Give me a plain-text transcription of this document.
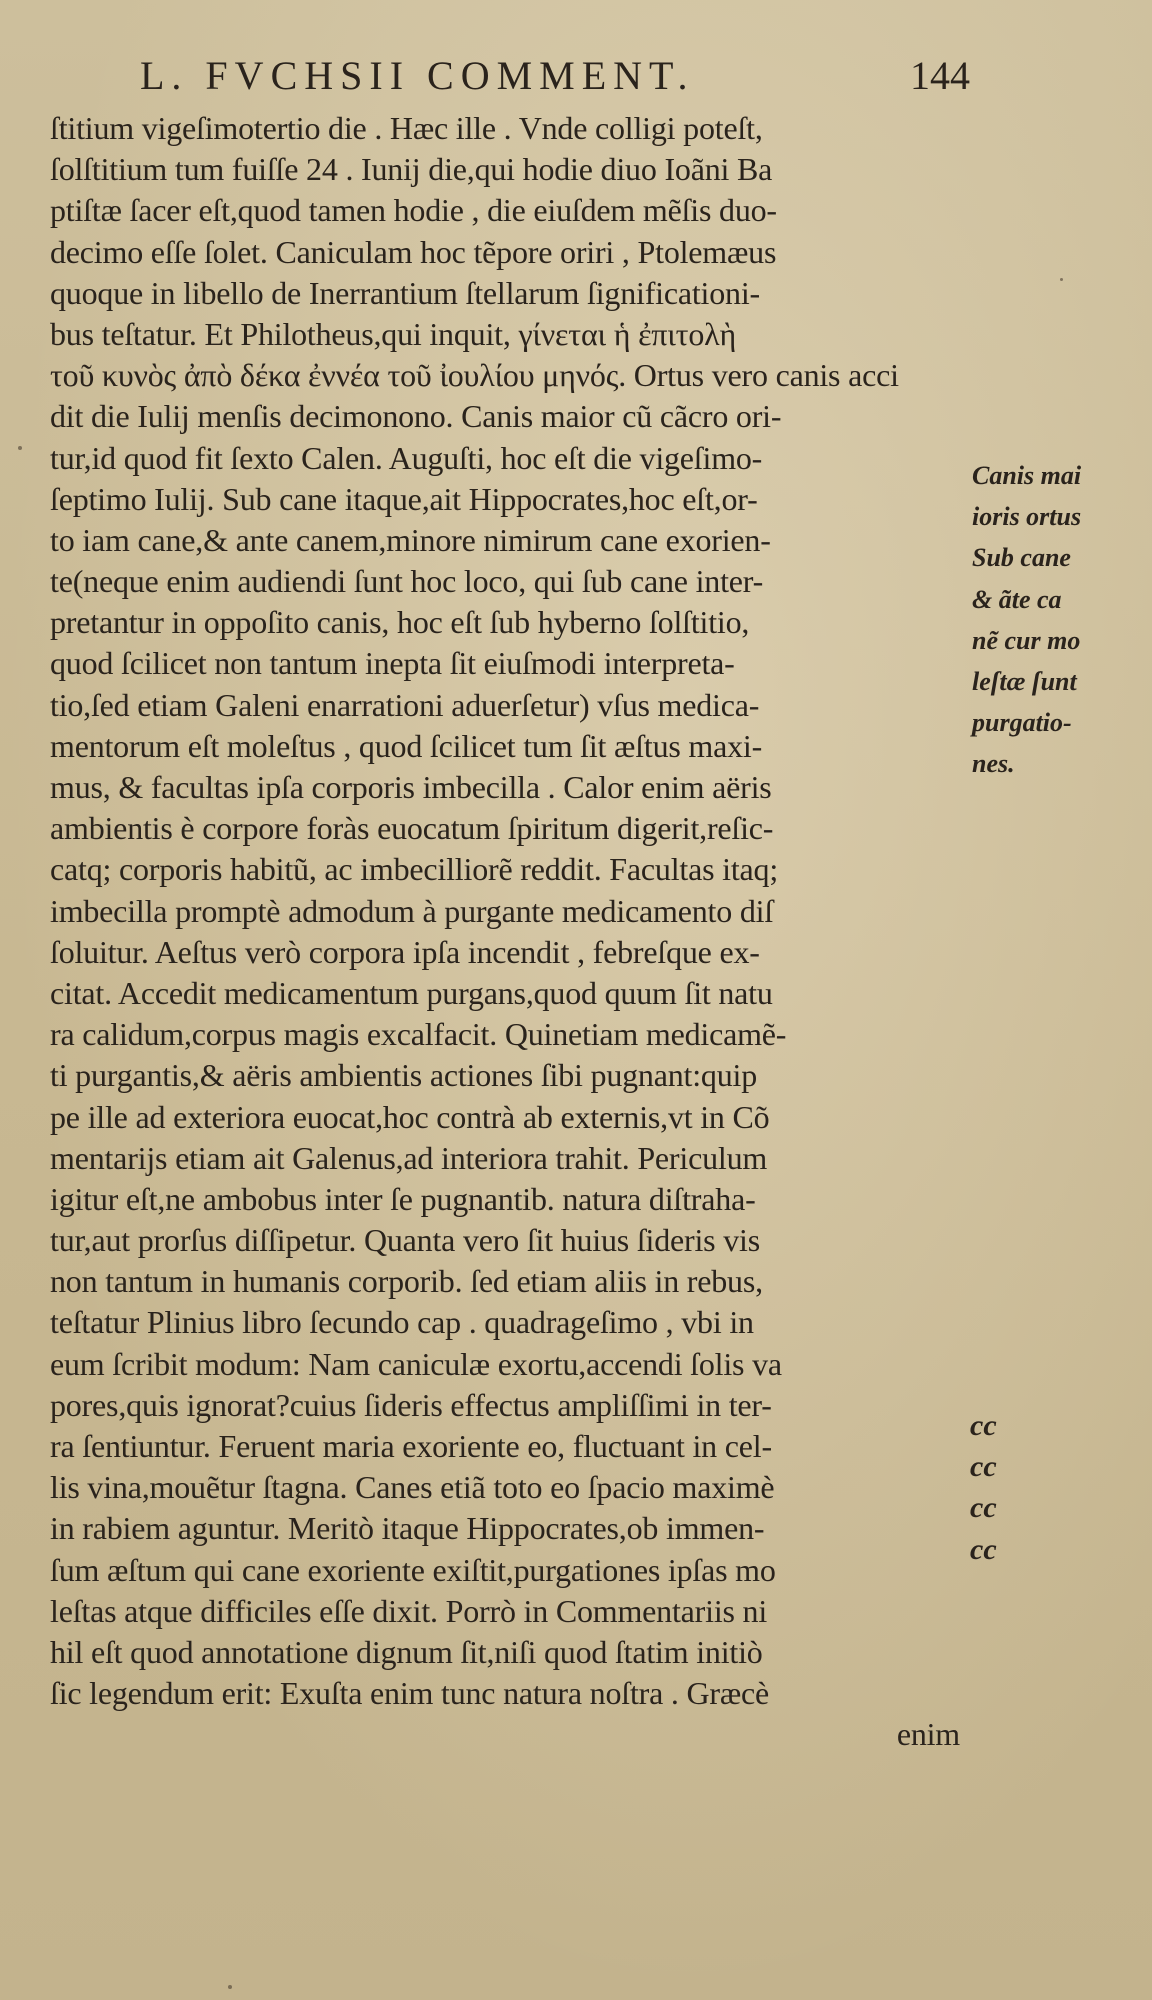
L. FVCHSII COMMENT.	144
ſtitium vigeſimotertio die . Hæc ille . Vnde colligi poteſt,
ſolſtitium tum fuiſſe 24 . Iunij die,qui hodie diuo Ioãni Ba
ptiſtæ ſacer eſt,quod tamen hodie , die eiuſdem mẽſis duo-
decimo eſſe ſolet. Caniculam hoc tẽpore oriri , Ptolemæus
quoque in libello de Inerrantium ſtellarum ſignificationi-
bus teſtatur. Et Philotheus,qui inquit, γίνεται ἡ ἐπιτολὴ
τοῦ κυνὸς ἀπὸ δέκα ἐννέα τοῦ ἰουλίου μηνός. Ortus vero canis acci
dit die Iulij menſis decimonono. Canis maior cũ cãcro ori-
tur,id quod fit ſexto Calen. Auguſti, hoc eſt die vigeſimo-
ſeptimo Iulij. Sub cane itaque,ait Hippocrates,hoc eſt,or-
to iam cane,& ante canem,minore nimirum cane exorien-
te(neque enim audiendi ſunt hoc loco, qui ſub cane inter-
pretantur in oppoſito canis, hoc eſt ſub hyberno ſolſtitio,
quod ſcilicet non tantum inepta ſit eiuſmodi interpreta-
tio,ſed etiam Galeni enarrationi aduerſetur) vſus medica-
mentorum eſt moleſtus , quod ſcilicet tum ſit æſtus maxi-
mus, & facultas ipſa corporis imbecilla . Calor enim aëris
ambientis è corpore foràs euocatum ſpiritum digerit,reſic-
catq; corporis habitũ, ac imbecilliorẽ reddit. Facultas itaq;
imbecilla promptè admodum à purgante medicamento diſ
ſoluitur. Aeſtus verò corpora ipſa incendit , febreſque ex-
citat. Accedit medicamentum purgans,quod quum ſit natu
ra calidum,corpus magis excalfacit. Quinetiam medicamẽ-
ti purgantis,& aëris ambientis actiones ſibi pugnant:quip
pe ille ad exteriora euocat,hoc contrà ab externis,vt in Cõ
mentarijs etiam ait Galenus,ad interiora trahit. Periculum
igitur eſt,ne ambobus inter ſe pugnantib. natura diſtraha-
tur,aut prorſus diſſipetur. Quanta vero ſit huius ſideris vis
non tantum in humanis corporib. ſed etiam aliis in rebus,
teſtatur Plinius libro ſecundo cap . quadrageſimo , vbi in
eum ſcribit modum: Nam caniculæ exortu,accendi ſolis va
pores,quis ignorat?cuius ſideris effectus ampliſſimi in ter-
ra ſentiuntur. Feruent maria exoriente eo, fluctuant in cel-
lis vina,mouẽtur ſtagna. Canes etiã toto eo ſpacio maximè
in rabiem aguntur. Meritò itaque Hippocrates,ob immen-
ſum æſtum qui cane exoriente exiſtit,purgationes ipſas mo
leſtas atque difficiles eſſe dixit. Porrò in Commentariis ni
hil eſt quod annotatione dignum ſit,niſi quod ſtatim initiò
ſic legendum erit: Exuſta enim tunc natura noſtra . Græcè
enim
Canis mai
ioris ortus
Sub cane
& ãte ca
nẽ cur mo
leſtæ ſunt
purgatio-
nes.
cc
cc
cc
cc
